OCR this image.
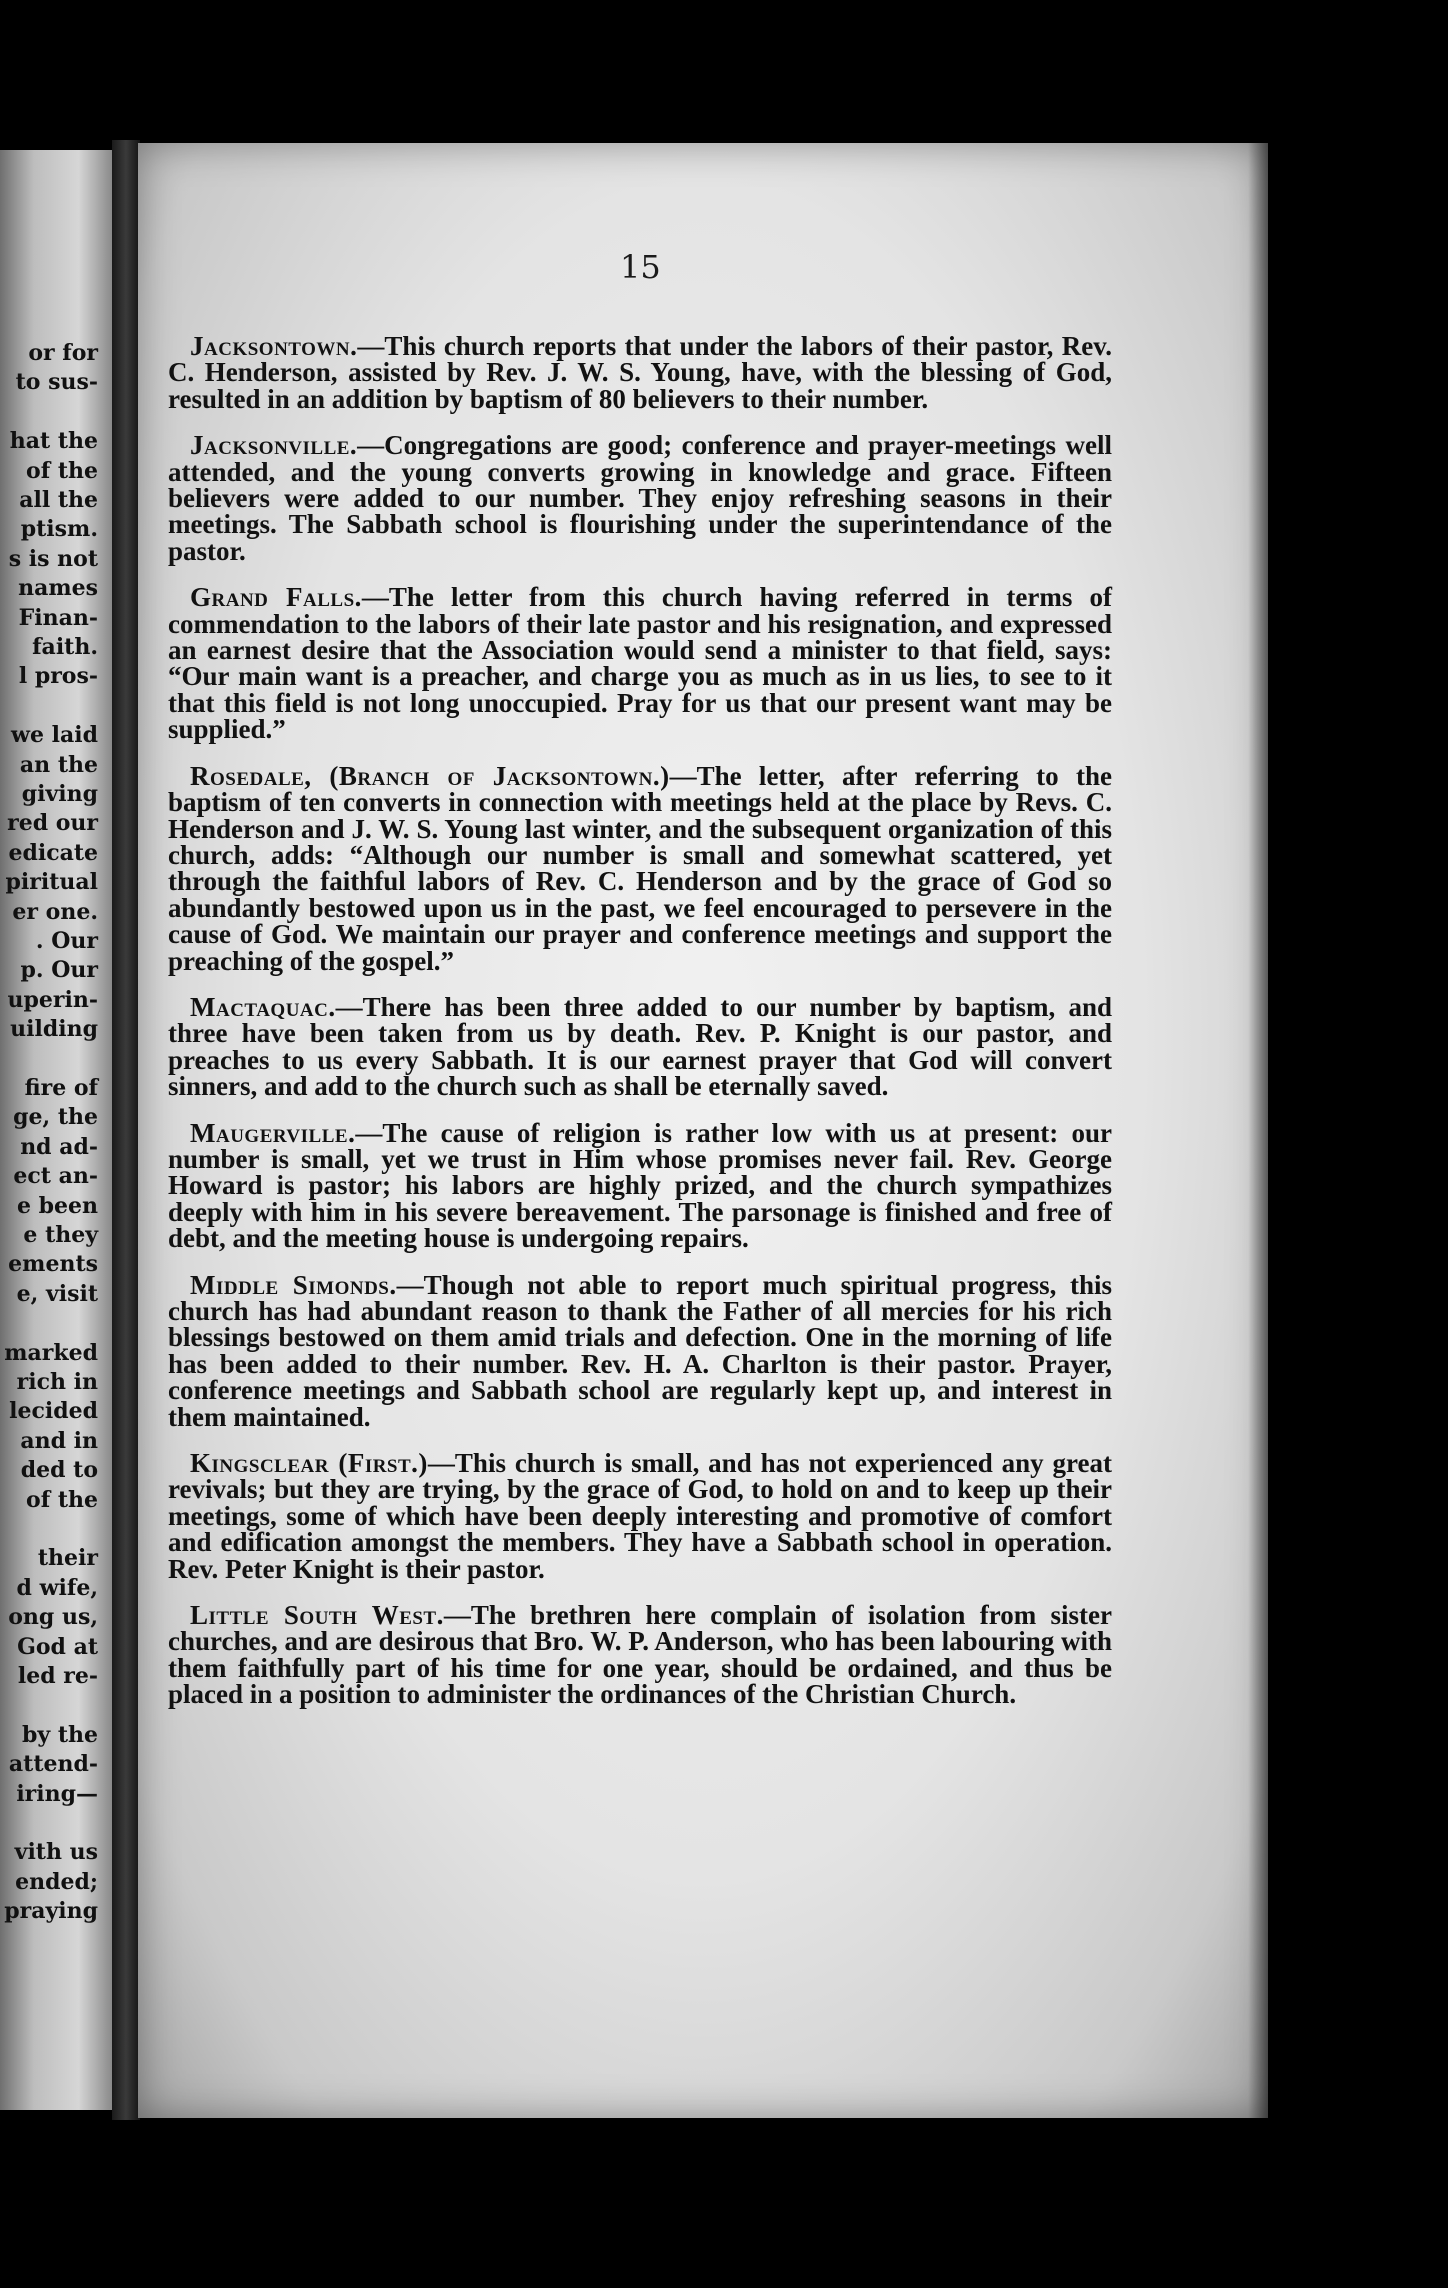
or for
to sus-
hat the
of the
all the
ptism.
s is not
names
Finan-
faith.
l pros-
we laid
an the
giving
red our
edicate
piritual
er one.
. Our
p. Our
uperin-
uilding
fire of
ge, the
nd ad-
ect an-
e been
e they
ements
e, visit
marked
rich in
lecided
and in
ded to
of the
their
d wife,
ong us,
God at
led re-
by the
attend-
iring—
vith us
ended;
praying
15

Jacksontown.—This church reports that under the labors of their pastor, Rev. C. Henderson, assisted by Rev. J. W. S. Young, have, with the blessing of God, resulted in an addition by baptism of 80 believers to their number.

Jacksonville.—Congregations are good; conference and prayer-meetings well attended, and the young converts growing in knowledge and grace. Fifteen believers were added to our number. They enjoy refreshing seasons in their meetings. The Sabbath school is flourishing under the superintendance of the pastor.

Grand Falls.—The letter from this church having referred in terms of commendation to the labors of their late pastor and his resignation, and expressed an earnest desire that the Association would send a minister to that field, says: “Our main want is a preacher, and charge you as much as in us lies, to see to it that this field is not long unoccupied. Pray for us that our present want may be supplied.”

Rosedale, (Branch of Jacksontown.)—The letter, after referring to the baptism of ten converts in connection with meetings held at the place by Revs. C. Henderson and J. W. S. Young last winter, and the subsequent organization of this church, adds: “Although our number is small and somewhat scattered, yet through the faithful labors of Rev. C. Henderson and by the grace of God so abundantly bestowed upon us in the past, we feel encouraged to persevere in the cause of God. We maintain our prayer and conference meetings and support the preaching of the gospel.”

Mactaquac.—There has been three added to our number by baptism, and three have been taken from us by death. Rev. P. Knight is our pastor, and preaches to us every Sabbath. It is our earnest prayer that God will convert sinners, and add to the church such as shall be eternally saved.

Maugerville.—The cause of religion is rather low with us at present: our number is small, yet we trust in Him whose promises never fail. Rev. George Howard is pastor; his labors are highly prized, and the church sympathizes deeply with him in his severe bereavement. The parsonage is finished and free of debt, and the meeting house is undergoing repairs.

Middle Simonds.—Though not able to report much spiritual progress, this church has had abundant reason to thank the Father of all mercies for his rich blessings bestowed on them amid trials and defection. One in the morning of life has been added to their number. Rev. H. A. Charlton is their pastor. Prayer, conference meetings and Sabbath school are regularly kept up, and interest in them maintained.

Kingsclear (First.)—This church is small, and has not experienced any great revivals; but they are trying, by the grace of God, to hold on and to keep up their meetings, some of which have been deeply interesting and promotive of comfort and edification amongst the members. They have a Sabbath school in operation. Rev. Peter Knight is their pastor.

Little South West.—The brethren here complain of isolation from sister churches, and are desirous that Bro. W. P. Anderson, who has been labouring with them faithfully part of his time for one year, should be ordained, and thus be placed in a position to administer the ordinances of the Christian Church.
